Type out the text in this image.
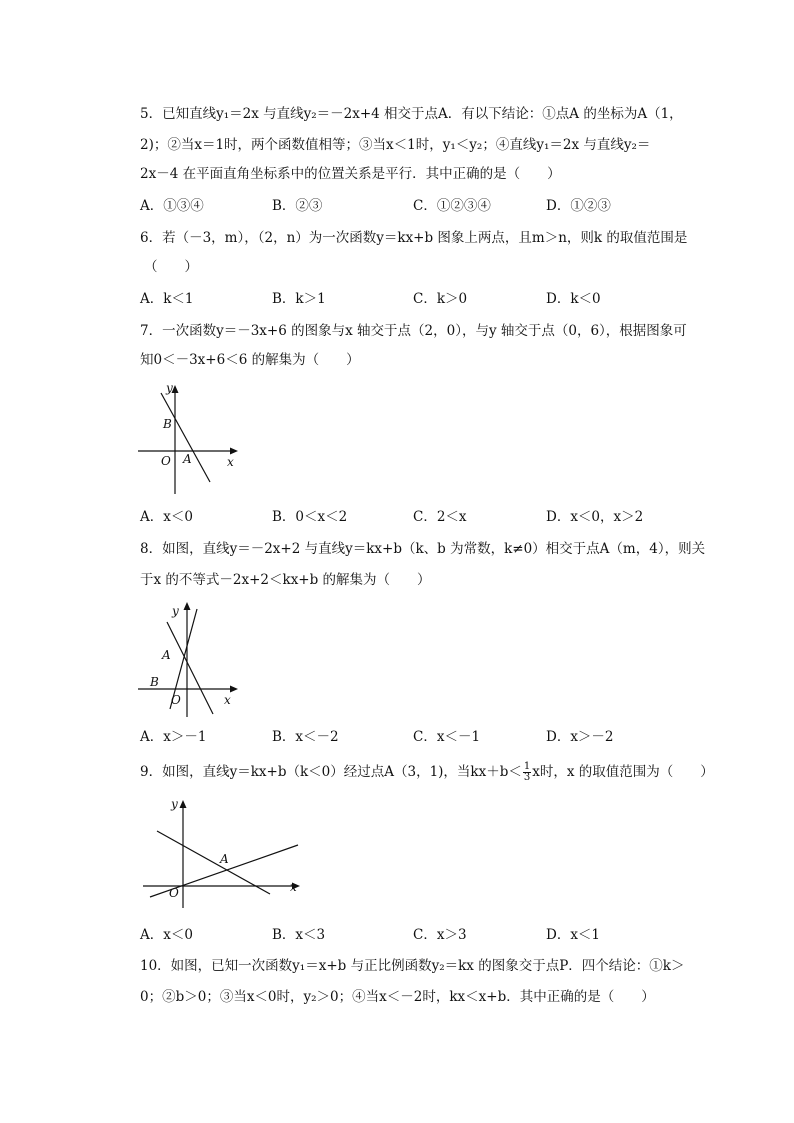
5．已知直线y₁＝2x 与直线y₂＝－2x+4 相交于点A．有以下结论：①点A 的坐标为A（1，
2)；②当x＝1时，两个函数值相等；③当x＜1时，y₁＜y₂；④直线y₁＝2x 与直线y₂＝
2x－4 在平面直角坐标系中的位置关系是平行．其中正确的是（　　）
A．①③④	B．②③	C．①②③④	D．①②③
6．若（－3，m），（2，n）为一次函数y＝kx+b 图象上两点，且m＞n，则k 的取值范围是
（　　）
A．k＜1	B．k＞1	C．k＞0	D．k＜0
7．一次函数y＝－3x+6 的图象与x 轴交于点（2，0），与y 轴交于点（0，6），根据图象可
知0＜－3x+6＜6 的解集为（　　）
y
B
O A	x
A．x＜0	B．0＜x＜2	C．2＜x	D．x＜0，x＞2
8．如图，直线y＝－2x+2 与直线y＝kx+b（k、b 为常数，k≠0）相交于点A（m，4），则关
于x 的不等式－2x+2＜kx+b 的解集为（　　）
y
A
B
O	x
A．x＞－1	B．x＜－2	C．x＜－1	D．x＞－2
9．如图，直线y＝kx+b（k＜0）经过点A（3，1)，当$kx+b< \frac{1}{3}$ x时，x 的取值范围为（　　）
y
A
O	x
A．x＜0	B．x＜3	C．x＞3	D．x＜1
10．如图，已知一次函数y₁＝x+b 与正比例函数y₂＝kx 的图象交于点P．四个结论：①k＞
0；②b＞0；③当x＜0时，y₂＞0；④当x＜－2时，kx＜x+b．其中正确的是（　　）
